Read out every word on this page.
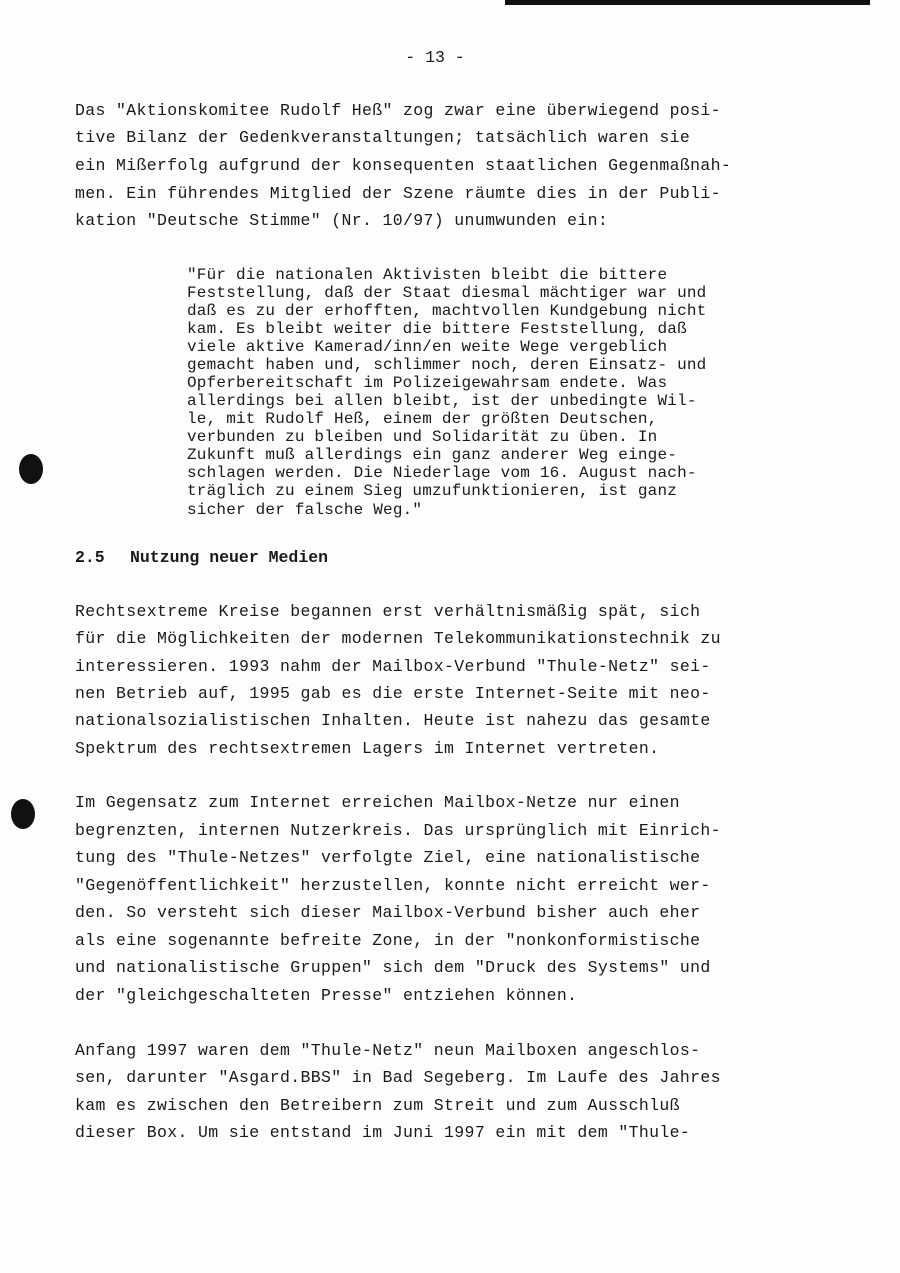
- 13 -
Das "Aktionskomitee Rudolf Heß" zog zwar eine überwiegend posi-
tive Bilanz der Gedenkveranstaltungen; tatsächlich waren sie
ein Mißerfolg aufgrund der konsequenten staatlichen Gegenmaßnah-
men. Ein führendes Mitglied der Szene räumte dies in der Publi-
kation "Deutsche Stimme" (Nr. 10/97) unumwunden ein:
"Für die nationalen Aktivisten bleibt die bittere
Feststellung, daß der Staat diesmal mächtiger war und
daß es zu der erhofften, machtvollen Kundgebung nicht
kam. Es bleibt weiter die bittere Feststellung, daß
viele aktive Kamerad/inn/en weite Wege vergeblich
gemacht haben und, schlimmer noch, deren Einsatz- und
Opferbereitschaft im Polizeigewahrsam endete. Was
allerdings bei allen bleibt, ist der unbedingte Wil-
le, mit Rudolf Heß, einem der größten Deutschen,
verbunden zu bleiben und Solidarität zu üben. In
Zukunft muß allerdings ein ganz anderer Weg einge-
schlagen werden. Die Niederlage vom 16. August nach-
träglich zu einem Sieg umzufunktionieren, ist ganz
sicher der falsche Weg."
2.5 Nutzung neuer Medien
Rechtsextreme Kreise begannen erst verhältnismäßig spät, sich
für die Möglichkeiten der modernen Telekommunikationstechnik zu
interessieren. 1993 nahm der Mailbox-Verbund "Thule-Netz" sei-
nen Betrieb auf, 1995 gab es die erste Internet-Seite mit neo-
nationalsozialistischen Inhalten. Heute ist nahezu das gesamte
Spektrum des rechtsextremen Lagers im Internet vertreten.
Im Gegensatz zum Internet erreichen Mailbox-Netze nur einen
begrenzten, internen Nutzerkreis. Das ursprünglich mit Einrich-
tung des "Thule-Netzes" verfolgte Ziel, eine nationalistische
"Gegenöffentlichkeit" herzustellen, konnte nicht erreicht wer-
den. So versteht sich dieser Mailbox-Verbund bisher auch eher
als eine sogenannte befreite Zone, in der "nonkonformistische
und nationalistische Gruppen" sich dem "Druck des Systems" und
der "gleichgeschalteten Presse" entziehen können.
Anfang 1997 waren dem "Thule-Netz" neun Mailboxen angeschlos-
sen, darunter "Asgard.BBS" in Bad Segeberg. Im Laufe des Jahres
kam es zwischen den Betreibern zum Streit und zum Ausschluß
dieser Box. Um sie entstand im Juni 1997 ein mit dem "Thule-
